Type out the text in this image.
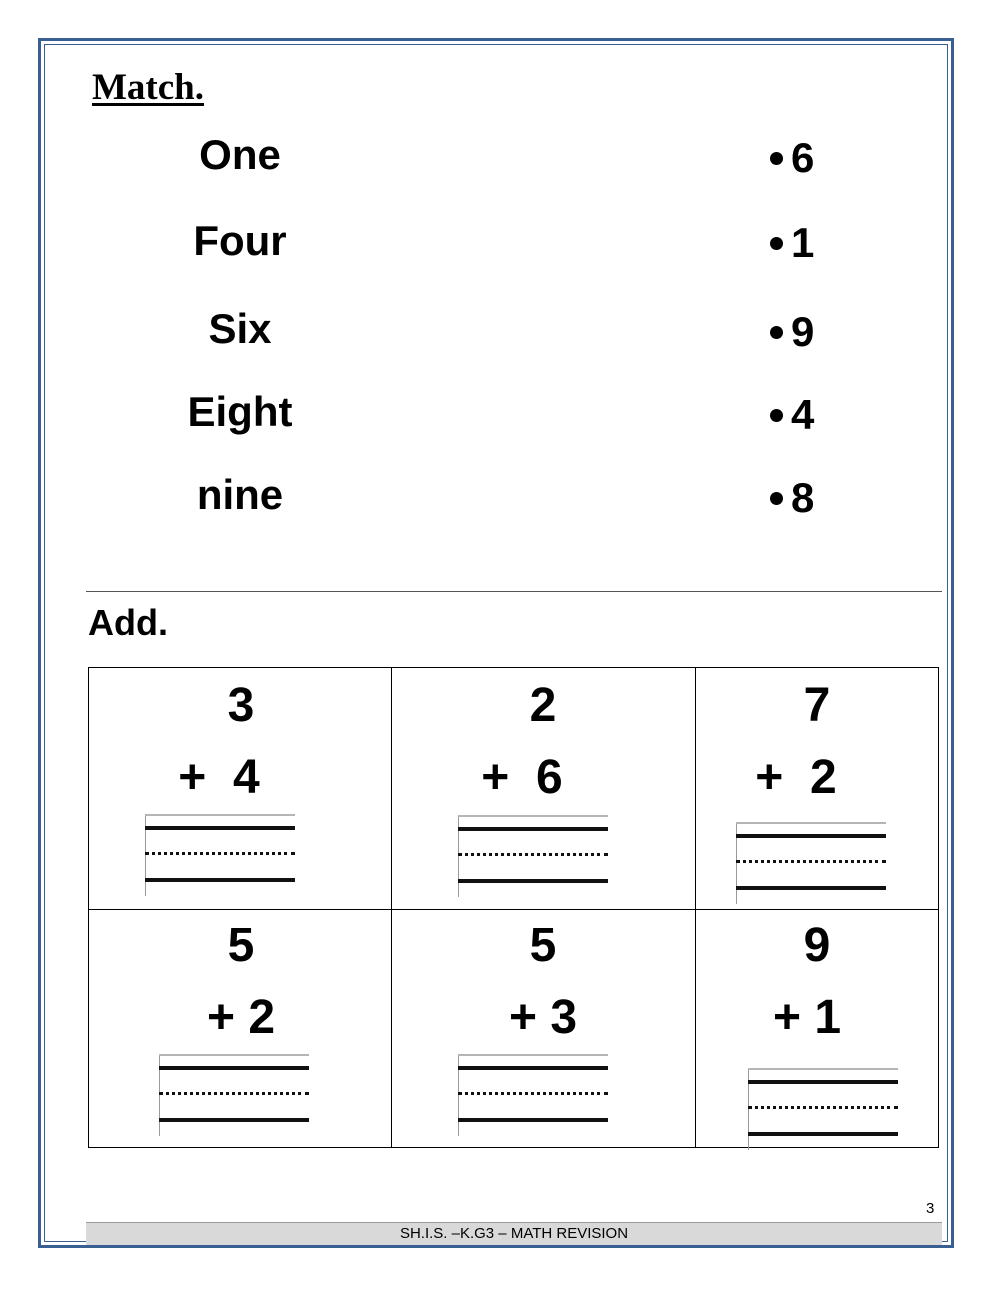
Match.
One
Four
Six
Eight
nine
6
1
9
4
8
Add.
3
+  4
2
+  6
7
+  2
5
+ 2
5
+ 3
9
+ 1
3
SH.I.S. –K.G3 – MATH REVISION
